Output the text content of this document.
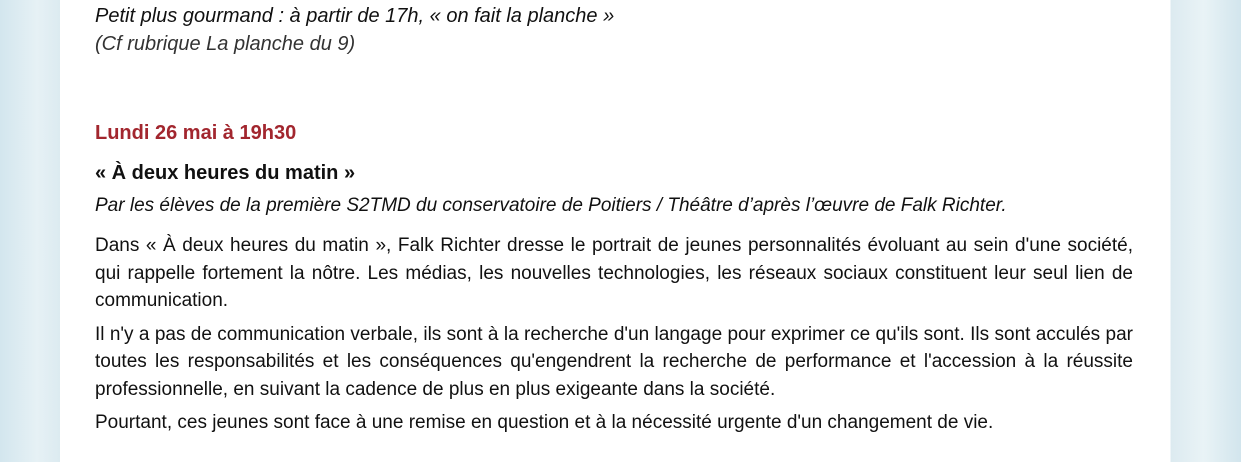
Petit plus gourmand : à partir de 17h, « on fait la planche »

(Cf rubrique La planche du 9)

Lundi 26 mai à 19h30

« À deux heures du matin »

Par les élèves de la première S2TMD du conservatoire de Poitiers / Théâtre d’après l’œuvre de Falk Richter.

Dans « À deux heures du matin », Falk Richter dresse le portrait de jeunes personnalités évoluant au sein d'une société, qui rappelle fortement la nôtre. Les médias, les nouvelles technologies, les réseaux sociaux constituent leur seul lien de communication.

Il n'y a pas de communication verbale, ils sont à la recherche d'un langage pour exprimer ce qu'ils sont. Ils sont acculés par toutes les responsabilités et les conséquences qu'engendrent la recherche de performance et l'accession à la réussite professionnelle, en suivant la cadence de plus en plus exigeante dans la société.

Pourtant, ces jeunes sont face à une remise en question et à la nécessité urgente d'un changement de vie.
